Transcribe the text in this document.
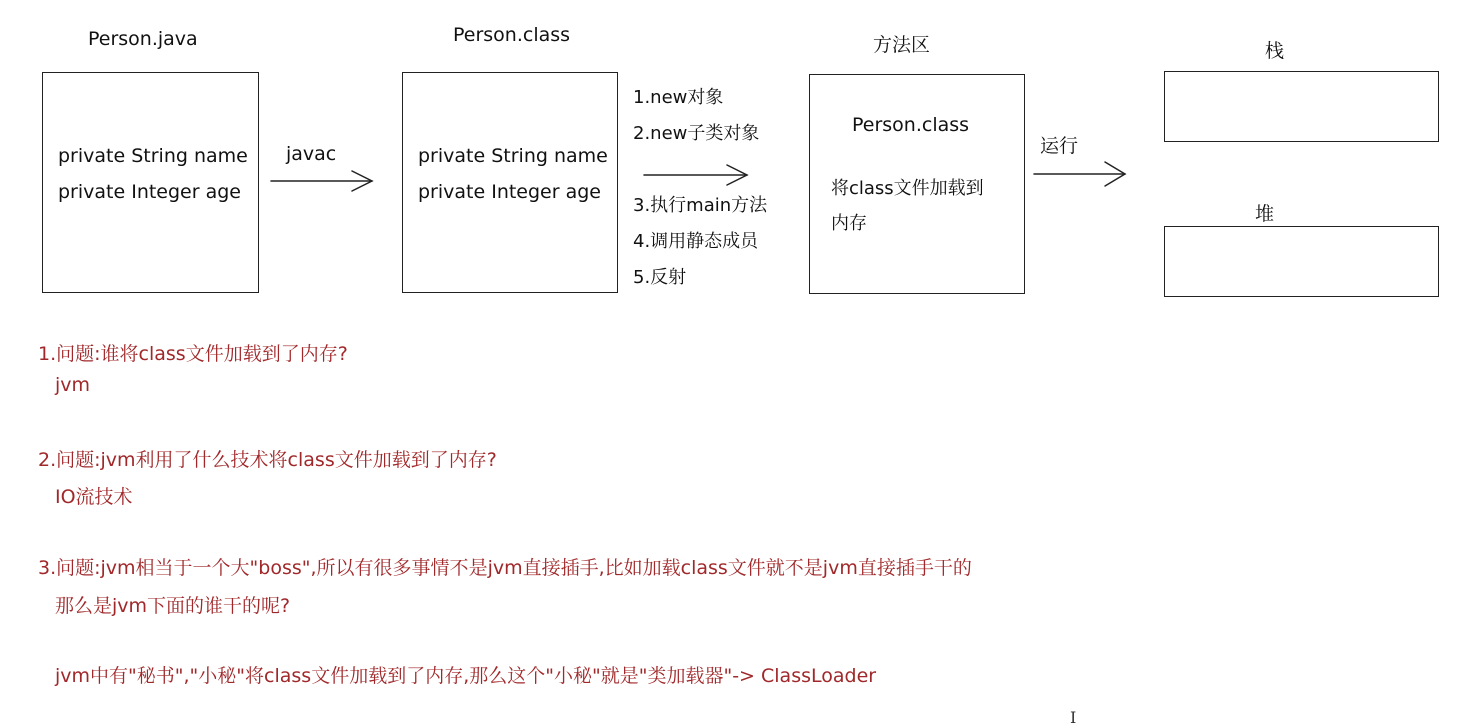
Person.java
private String name
private Integer age
javac
Person.class
private String name
private Integer age
1.new对象
2.new子类对象
3.执行main方法
4.调用静态成员
5.反射
方法区
Person.class
将class文件加载到
内存
运行
栈
堆
1.问题:谁将class文件加载到了内存?
jvm
2.问题:jvm利用了什么技术将class文件加载到了内存?
IO流技术
3.问题:jvm相当于一个大"boss",所以有很多事情不是jvm直接插手,比如加载class文件就不是jvm直接插手干的
那么是jvm下面的谁干的呢?
jvm中有"秘书","小秘"将class文件加载到了内存,那么这个"小秘"就是"类加载器"-> ClassLoader
Ι
